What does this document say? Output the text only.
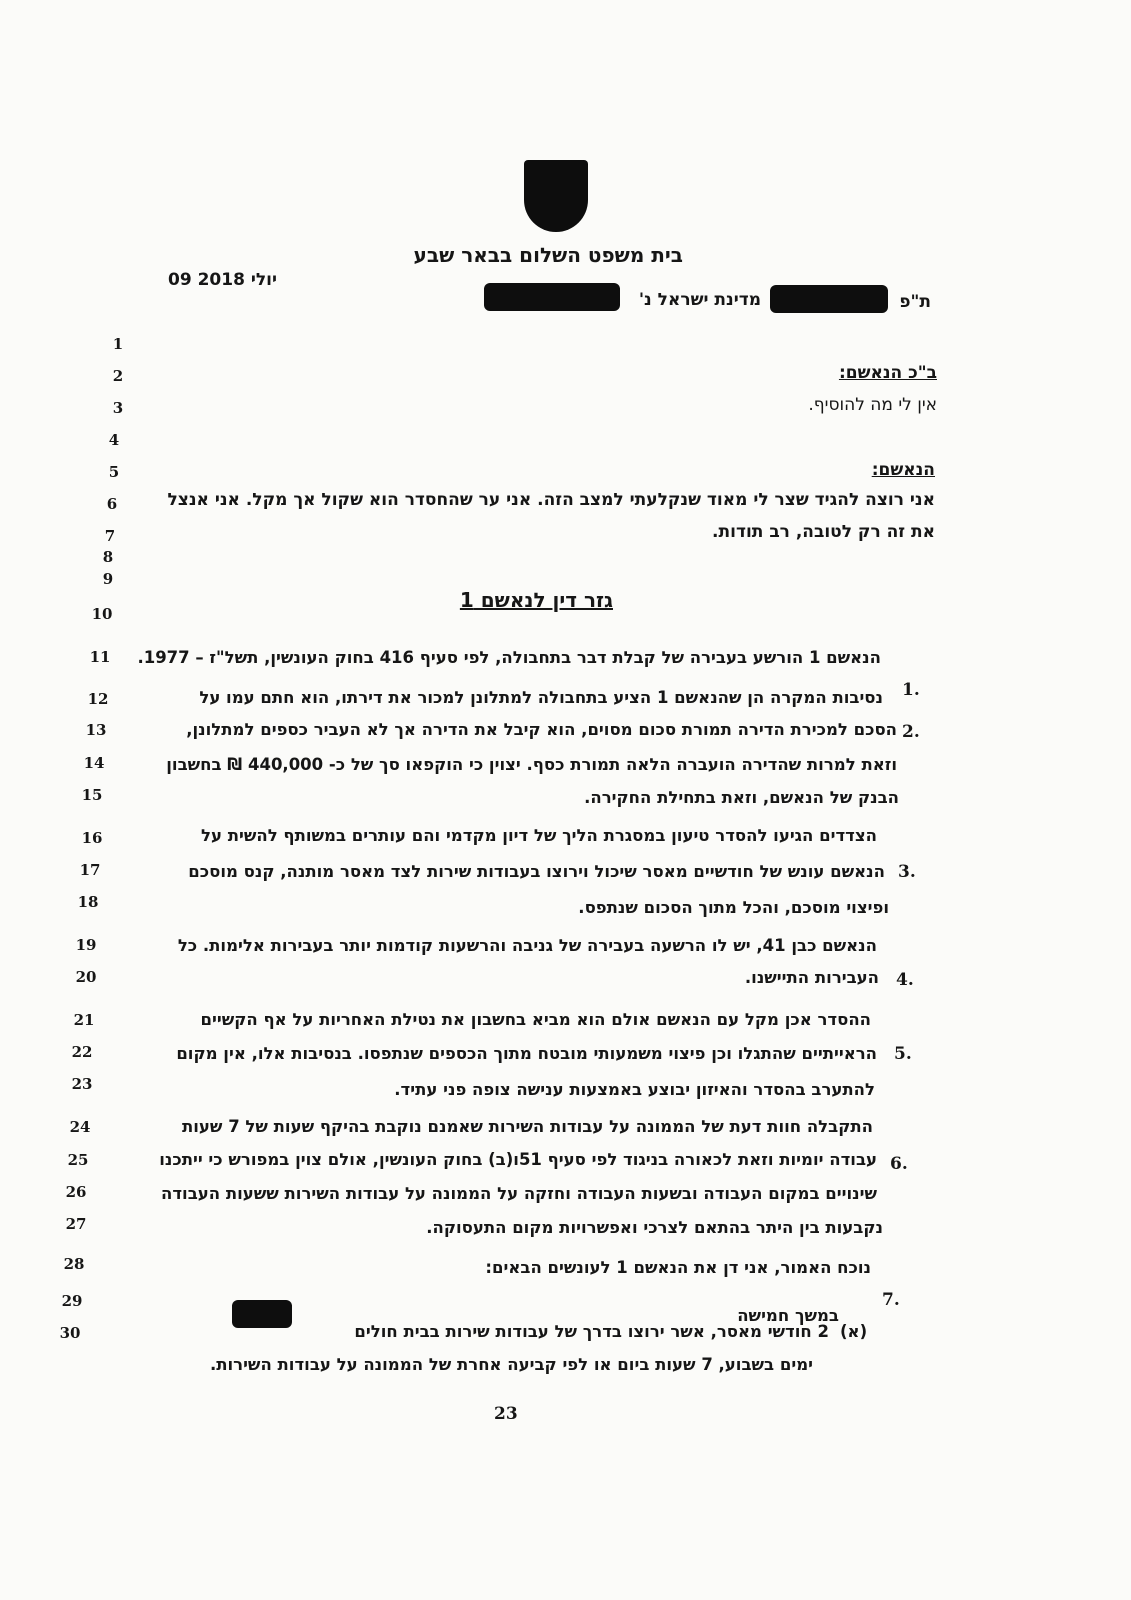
בית משפט השלום בבאר שבע
09 יולי 2018
ת"פ
מדינת ישראל נ'
1
2
3
4
5
6
7
8
9
10
11
12
13
14
15
16
17
18
19
20
21
22
23
24
25
26
27
28
29
30
ב"כ הנאשם:
אין לי מה להוסיף.
הנאשם:
אני רוצה להגיד שצר לי מאוד שנקלעתי למצב הזה. אני ער שהחסדר הוא שקול אך מקל. אני אנצל
את זה רק לטובה, רב תודות.
גזר דין לנאשם 1
1.
הנאשם 1 הורשע בעבירה של קבלת דבר בתחבולה, לפי סעיף 416 בחוק העונשין, תשל"ז – 1977.
2.
נסיבות המקרה הן שהנאשם 1 הציע בתחבולה למתלונן למכור את דירתו, הוא חתם עמו על
הסכם למכירת הדירה תמורת סכום מסוים, הוא קיבל את הדירה אך לא העביר כספים למתלונן,
וזאת למרות שהדירה הועברה הלאה תמורת כסף. יצוין כי הוקפאו סך של כ- 440,000 ₪ בחשבון
הבנק של הנאשם, וזאת בתחילת החקירה.
3.
הצדדים הגיעו להסדר טיעון במסגרת הליך של דיון מקדמי והם עותרים במשותף להשית על
הנאשם עונש של חודשיים מאסר שיכול וירוצו בעבודות שירות לצד מאסר מותנה, קנס מוסכם
ופיצוי מוסכם, והכל מתוך הסכום שנתפס.
4.
הנאשם כבן 41, יש לו הרשעה בעבירה של גניבה והרשעות קודמות יותר בעבירות אלימות. כל
העבירות התיישנו.
5.
ההסדר אכן מקל עם הנאשם אולם הוא מביא בחשבון את נטילת האחריות על אף הקשיים
הראייתיים שהתגלו וכן פיצוי משמעותי מובטח מתוך הכספים שנתפסו. בנסיבות אלו, אין מקום
להתערב בהסדר והאיזון יבוצע באמצעות ענישה צופה פני עתיד.
6.
התקבלה חוות דעת של הממונה על עבודות השירות שאמנם נוקבת בהיקף שעות של 7 שעות
עבודה יומיות וזאת לכאורה בניגוד לפי סעיף 51ו(ב) בחוק העונשין, אולם צוין במפורש כי ייתכנו
שינויים במקום העבודה ובשעות העבודה וחזקה על הממונה על עבודות השירות ששעות העבודה
נקבעות בין היתר בהתאם לצרכי ואפשרויות מקום התעסוקה.
7.
נוכח האמור, אני דן את הנאשם 1 לעונשים הבאים:
(א)
במשך חמישה
2 חודשי מאסר, אשר ירוצו בדרך של עבודות שירות בבית חולים
ימים בשבוע, 7 שעות ביום או לפי קביעה אחרת של הממונה על עבודות השירות.
23
